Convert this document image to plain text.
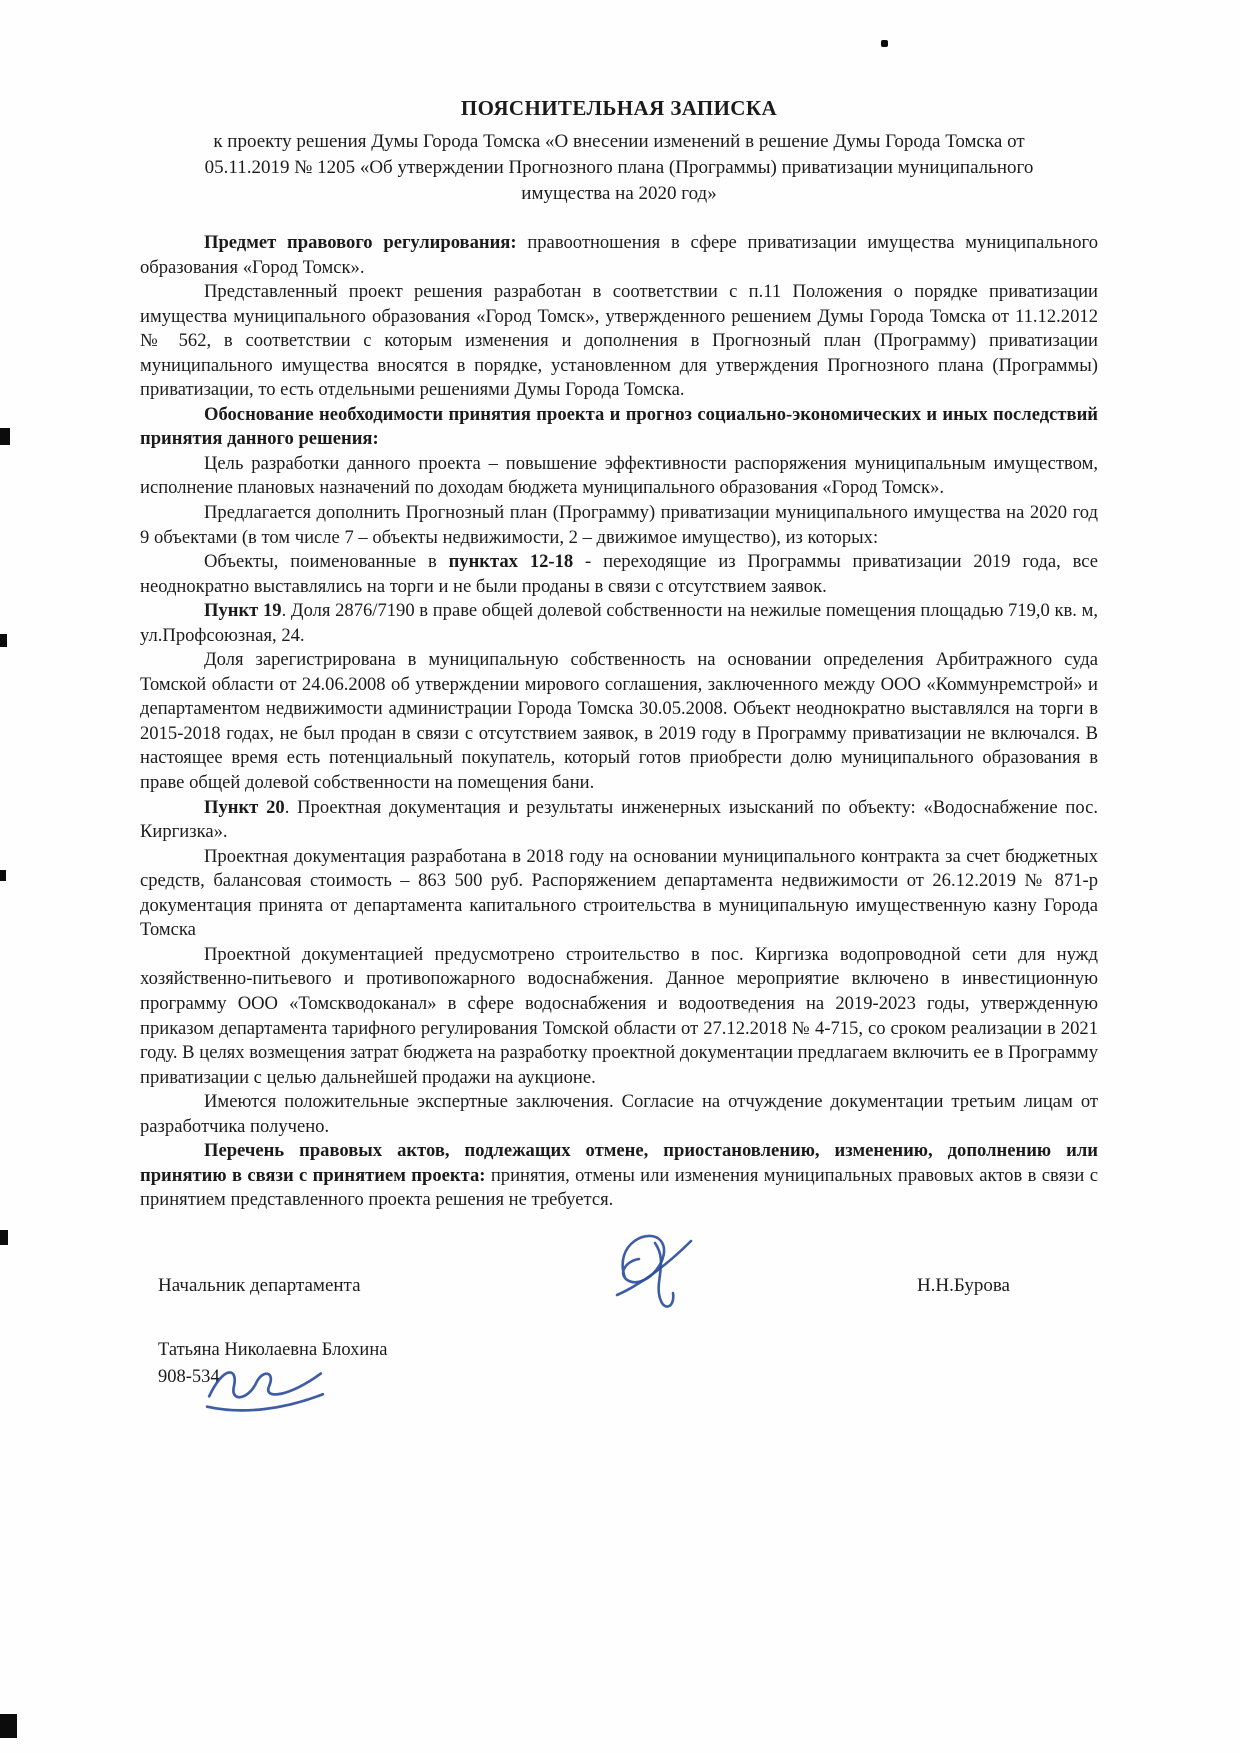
ПОЯСНИТЕЛЬНАЯ ЗАПИСКА
к проекту решения Думы Города Томска «О внесении изменений в решение Думы Города Томска от 05.11.2019 № 1205 «Об утверждении Прогнозного плана (Программы) приватизации муниципального имущества на 2020 год»

Предмет правового регулирования: правоотношения в сфере приватизации имущества муниципального образования «Город Томск».

Представленный проект решения разработан в соответствии с п.11 Положения о порядке приватизации имущества муниципального образования «Город Томск», утвержденного решением Думы Города Томска от 11.12.2012 № 562, в соответствии с которым изменения и дополнения в Прогнозный план (Программу) приватизации муниципального имущества вносятся в порядке, установленном для утверждения Прогнозного плана (Программы) приватизации, то есть отдельными решениями Думы Города Томска.

Обоснование необходимости принятия проекта и прогноз социально-экономических и иных последствий принятия данного решения:

Цель разработки данного проекта – повышение эффективности распоряжения муниципальным имуществом, исполнение плановых назначений по доходам бюджета муниципального образования «Город Томск».

Предлагается дополнить Прогнозный план (Программу) приватизации муниципального имущества на 2020 год 9 объектами (в том числе 7 – объекты недвижимости, 2 – движимое имущество), из которых:

Объекты, поименованные в пунктах 12-18 - переходящие из Программы приватизации 2019 года, все неоднократно выставлялись на торги и не были проданы в связи с отсутствием заявок.

Пункт 19. Доля 2876/7190 в праве общей долевой собственности на нежилые помещения площадью 719,0 кв. м, ул.Профсоюзная, 24.

Доля зарегистрирована в муниципальную собственность на основании определения Арбитражного суда Томской области от 24.06.2008 об утверждении мирового соглашения, заключенного между ООО «Коммунремстрой» и департаментом недвижимости администрации Города Томска 30.05.2008. Объект неоднократно выставлялся на торги в 2015-2018 годах, не был продан в связи с отсутствием заявок, в 2019 году в Программу приватизации не включался. В настоящее время есть потенциальный покупатель, который готов приобрести долю муниципального образования в праве общей долевой собственности на помещения бани.

Пункт 20. Проектная документация и результаты инженерных изысканий по объекту: «Водоснабжение пос. Киргизка».

Проектная документация разработана в 2018 году на основании муниципального контракта за счет бюджетных средств, балансовая стоимость – 863 500 руб. Распоряжением департамента недвижимости от 26.12.2019 № 871-р документация принята от департамента капитального строительства в муниципальную имущественную казну Города Томска

Проектной документацией предусмотрено строительство в пос. Киргизка водопроводной сети для нужд хозяйственно-питьевого и противопожарного водоснабжения. Данное мероприятие включено в инвестиционную программу ООО «Томскводоканал» в сфере водоснабжения и водоотведения на 2019-2023 годы, утвержденную приказом департамента тарифного регулирования Томской области от 27.12.2018 № 4-715, со сроком реализации в 2021 году. В целях возмещения затрат бюджета на разработку проектной документации предлагаем включить ее в Программу приватизации с целью дальнейшей продажи на аукционе.

Имеются положительные экспертные заключения. Согласие на отчуждение документации третьим лицам от разработчика получено.

Перечень правовых актов, подлежащих отмене, приостановлению, изменению, дополнению или принятию в связи с принятием проекта: принятия, отмены или изменения муниципальных правовых актов в связи с принятием представленного проекта решения не требуется.

Начальник департамента	Н.Н.Бурова
Татьяна Николаевна Блохина
908-534
